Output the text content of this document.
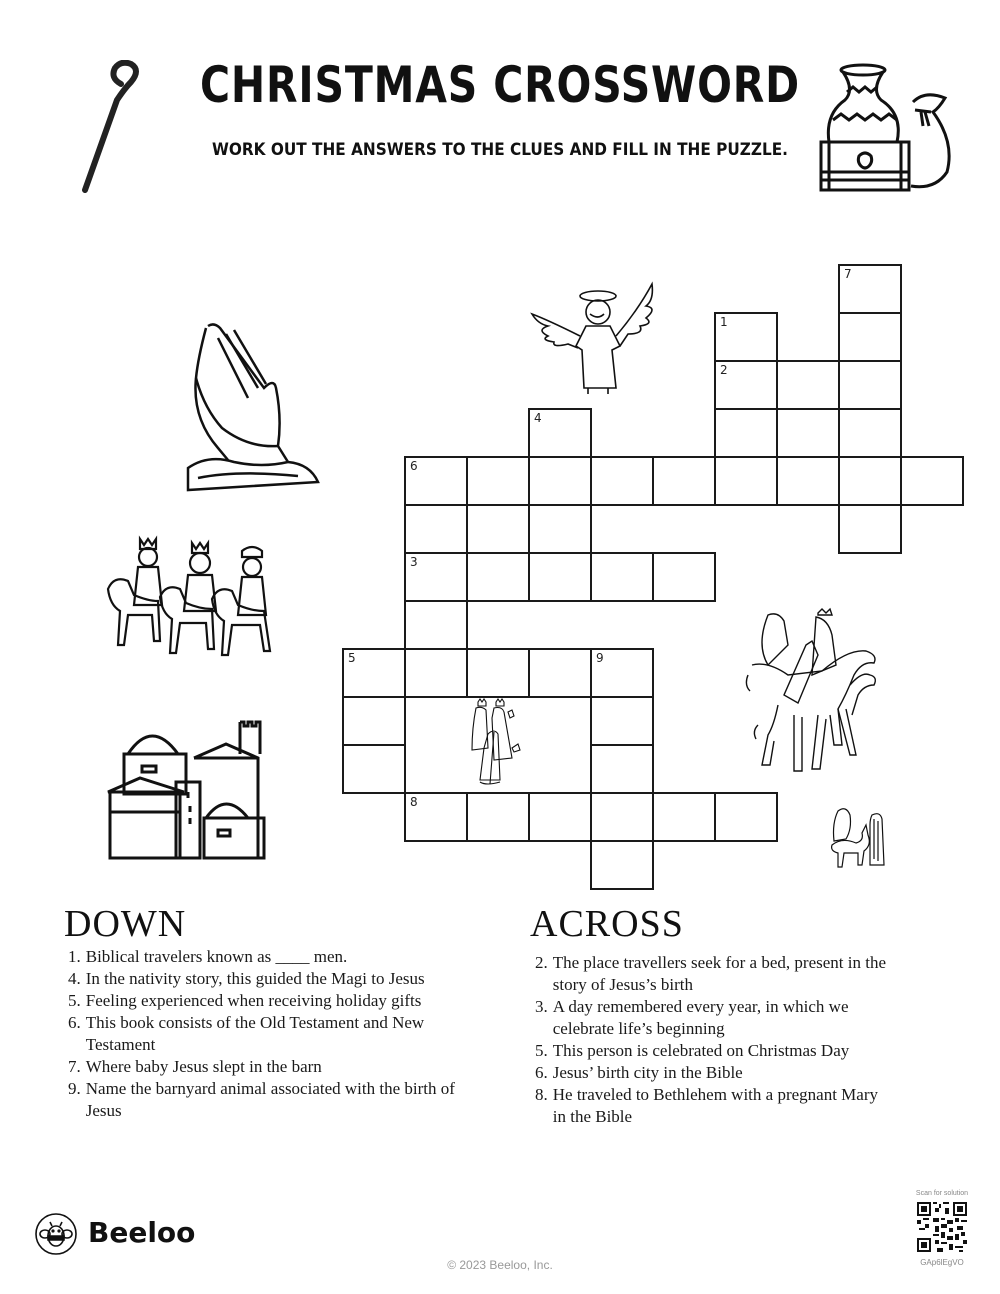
CHRISTMAS CROSSWORD
WORK OUT THE ANSWERS TO THE CLUES AND FILL IN THE PUZZLE.
7
1
2
4
6
3
5	9
8
DOWN
1. Biblical travelers known as ____ men.
4. In the nativity story, this guided the Magi to Jesus
5. Feeling experienced when receiving holiday gifts
6. This book consists of the Old Testament and New Testament
7. Where baby Jesus slept in the barn
9. Name the barnyard animal associated with the birth of Jesus
ACROSS
2. The place travellers seek for a bed, present in the story of Jesus’s birth
3. A day remembered every year, in which we celebrate life’s beginning
5. This person is celebrated on Christmas Day
6. Jesus’ birth city in the Bible
8. He traveled to Bethlehem with a pregnant Mary in the Bible
Beeloo
Scan for solution
GAp6lEgVO
© 2023 Beeloo, Inc.
